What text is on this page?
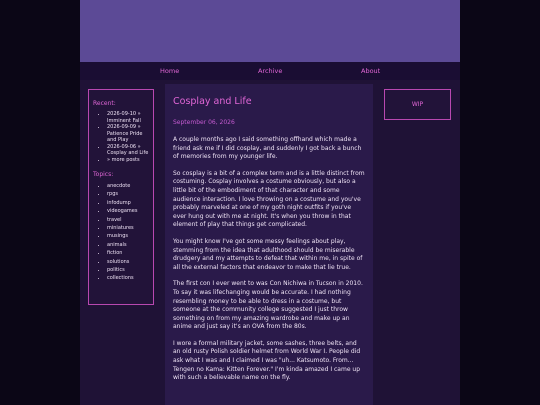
Home	Archive	About
Recent:
• 2026-09-10 » Imminent Fall
• 2026-09-09 » Patience Pride and Play
• 2026-09-06 » Cosplay and Life
• » more posts
Topics:
• anecdote
• rpgs
• infodump
• videogames
• travel
• miniatures
• musings
• animals
• fiction
• solutions
• politics
• collections
Cosplay and Life
September 06, 2026

A couple months ago I said something offhand which made a friend ask me if I did cosplay, and suddenly I got back a bunch of memories from my younger life.

So cosplay is a bit of a complex term and is a little distinct from costuming. Cosplay involves a costume obviously, but also a little bit of the embodiment of that character and some audience interaction. I love throwing on a costume and you've probably marveled at one of my goth night outfits if you've ever hung out with me at night. It's when you throw in that element of play that things get complicated.

You might know I've got some messy feelings about play, stemming from the idea that adulthood should be miserable drudgery and my attempts to defeat that within me, in spite of all the external factors that endeavor to make that lie true.

The first con I ever went to was Con Nichiwa in Tucson in 2010. To say it was lifechanging would be accurate. I had nothing resembling money to be able to dress in a costume, but someone at the community college suggested I just throw something on from my amazing wardrobe and make up an anime and just say it's an OVA from the 80s.

I wore a formal military jacket, some sashes, three belts, and an old rusty Polish soldier helmet from World War I. People did ask what I was and I claimed I was "uh... Katsumoto. From... Tengen no Kama: Kitten Forever." I'm kinda amazed I came up with such a believable name on the fly.

WIP
